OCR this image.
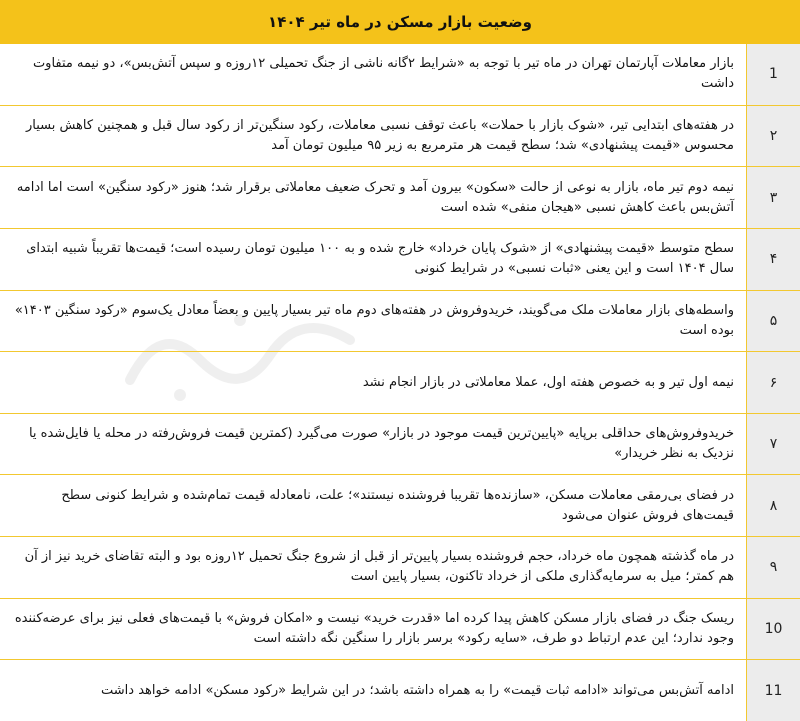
وضعیت بازار مسکن در ماه تیر ۱۴۰۴
1
بازار معاملات آپارتمان تهران در ماه تیر با توجه به «شرایط ۲گانه ناشی از جنگ تحمیلی ۱۲روزه و سپس آتش‌بس»، دو نیمه متفاوت داشت
۲
در هفته‌های ابتدایی تیر، «شوک بازار با حملات» باعث توقف نسبی معاملات، رکود سنگین‌تر از رکود سال قبل و همچنین کاهش بسیار محسوس «قیمت پیشنهادی» شد؛ سطح قیمت هر مترمربع به زیر ۹۵ میلیون تومان آمد
۳
نیمه دوم تیر ماه، بازار به نوعی از حالت «سکون» بیرون آمد و تحرک ضعیف معاملاتی برقرار شد؛ هنوز «رکود سنگین» است اما ادامه آتش‌بس باعث کاهش نسبی «هیجان منفی» شده است
۴
سطح متوسط «قیمت پیشنهادی» از «شوک پایان خرداد» خارج شده و به ۱۰۰ میلیون تومان رسیده است؛ قیمت‌ها تقریباً شبیه ابتدای سال ۱۴۰۴ است و این یعنی «ثبات نسبی» در شرایط کنونی
۵
واسطه‌های بازار معاملات ملک می‌گویند، خریدوفروش در هفته‌های دوم ماه تیر بسیار پایین و بعضاً معادل یک‌سوم «رکود سنگین ۱۴۰۳» بوده است
۶
نیمه اول تیر و به خصوص هفته اول، عملا معاملاتی در بازار انجام نشد
۷
خریدوفروش‌های حداقلی برپایه «پایین‌ترین قیمت موجود در بازار» صورت می‌گیرد (کمترین قیمت فروش‌رفته در محله یا فایل‌شده یا نزدیک به نظر خریدار»
۸
در فضای بی‌رمقی معاملات مسکن، «سازنده‌ها تقریبا فروشنده نیستند»؛ علت، نامعادله قیمت تمام‌شده و شرایط کنونی سطح قیمت‌های فروش عنوان می‌شود
۹
در ماه گذشته همچون ماه خرداد، حجم فروشنده بسیار پایین‌تر از قبل از شروع جنگ تحمیل ۱۲روزه بود و البته تقاضای خرید نیز از آن هم کمتر؛ میل به سرمایه‌گذاری ملکی از خرداد تاکنون، بسیار پایین است
10
ریسک جنگ در فضای بازار مسکن کاهش پیدا کرده اما «قدرت خرید» نیست و «امکان فروش» با قیمت‌های فعلی نیز برای عرضه‌کننده وجود ندارد؛ این عدم ارتباط دو طرف، «سایه رکود» برسر بازار را سنگین نگه داشته است
11
ادامه آتش‌بس می‌تواند «ادامه ثبات قیمت» را به همراه داشته باشد؛ در این شرایط «رکود مسکن» ادامه خواهد داشت
